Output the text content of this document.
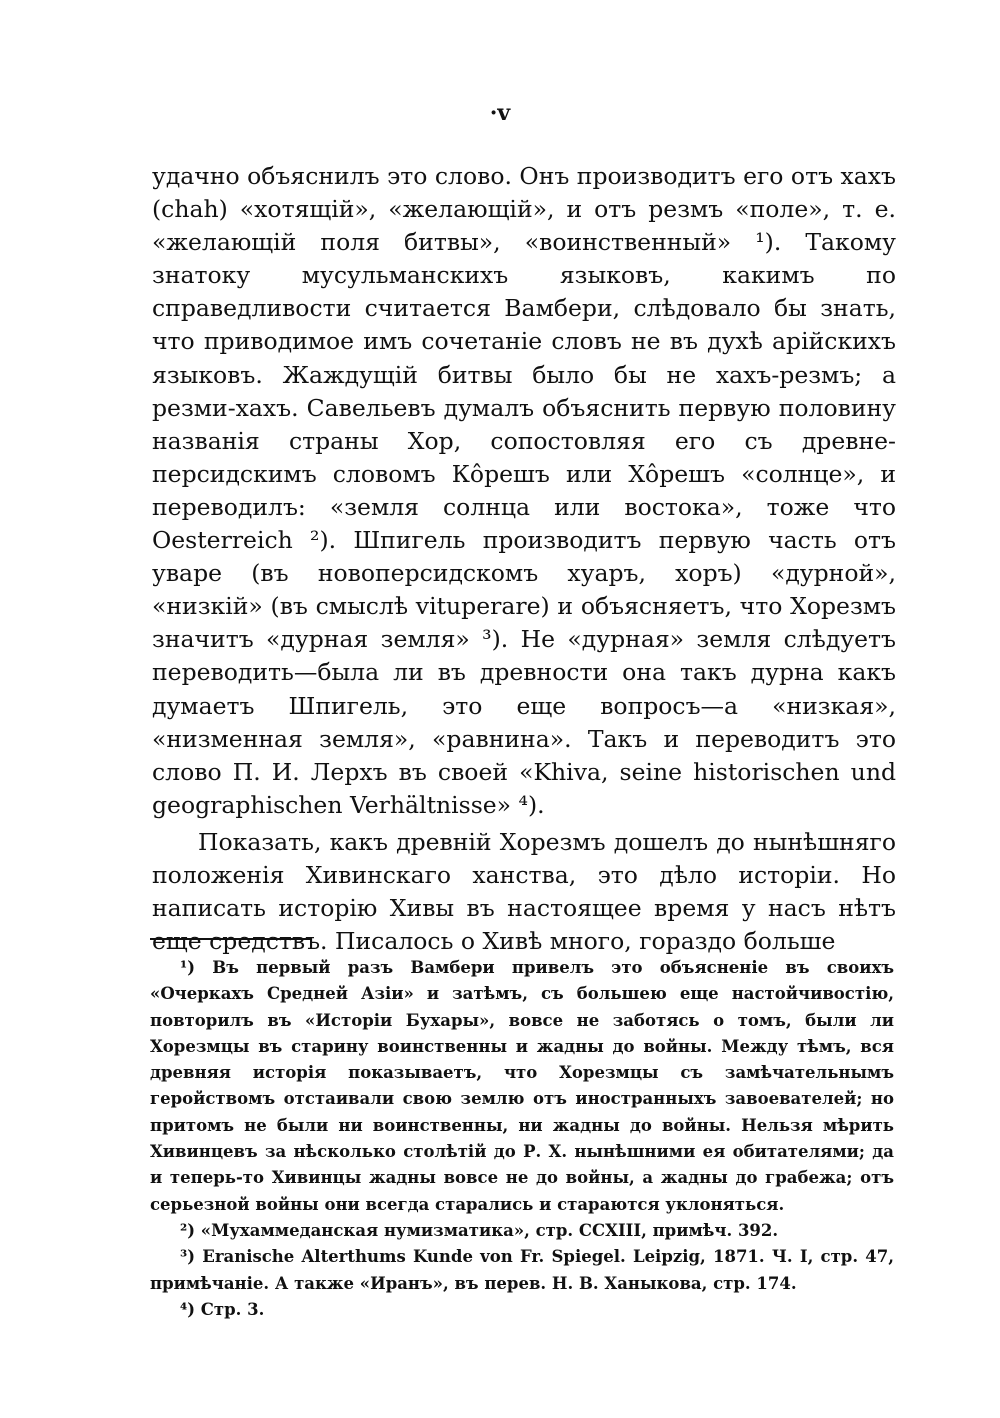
·v

удачно объяснилъ это слово. Онъ производитъ его отъ хахъ (chah) «хотящій», «желающій», и отъ резмъ «поле», т. е. «желающій поля битвы», «воинственный» ¹). Такому знатоку мусульманскихъ языковъ, какимъ по справедливости считается Вамбери, слѣдовало бы знать, что приводимое имъ сочетаніе словъ не въ духѣ арійскихъ языковъ. Жаждущій битвы было бы не хахъ-резмъ; а резми-хахъ. Савельевъ думалъ объяснить первую половину названія страны Хор, сопостовляя его съ древне-персидскимъ словомъ Кôрешъ или Хôрешъ «солнце», и переводилъ: «земля солнца или востока», тоже что Oesterreich ²). Шпигель производитъ первую часть отъ уваре (въ новоперсидскомъ хуаръ, хоръ) «дурной», «низкій» (въ смыслѣ vituperare) и объясняетъ, что Хорезмъ значитъ «дурная земля» ³). Не «дурная» земля слѣдуетъ переводить—была ли въ древности она такъ дурна какъ думаетъ Шпигель, это еще вопросъ—а «низкая», «низменная земля», «равнина». Такъ и переводитъ это слово П. И. Лерхъ въ своей «Khiva, seine historischen und geographischen Verhältnisse» ⁴).

Показать, какъ древній Хорезмъ дошелъ до нынѣшняго положенія Хивинскаго ханства, это дѣло исторіи. Но написать исторію Хивы въ настоящее время у насъ нѣтъ еще средствъ. Писалось о Хивѣ много, гораздо больше

¹) Въ первый разъ Вамбери привелъ это объясненіе въ своихъ «Очеркахъ Средней Азіи» и затѣмъ, съ большею еще настойчивостію, повторилъ въ «Исторіи Бухары», вовсе не заботясь о томъ, были ли Хорезмцы въ старину воинственны и жадны до войны. Между тѣмъ, вся древняя исторія показываетъ, что Хорезмцы съ замѣчательнымъ геройствомъ отстаивали свою землю отъ иностранныхъ завоевателей; но притомъ не были ни воинственны, ни жадны до войны. Нельзя мѣрить Хивинцевъ за нѣсколько столѣтій до Р. Х. нынѣшними ея обитателями; да и теперь-то Хивинцы жадны вовсе не до войны, а жадны до грабежа; отъ серьезной войны они всегда старались и стараются уклоняться.

²) «Мухаммеданская нумизматика», стр. CCXIII, примѣч. 392.

³) Eranische Alterthums Kunde von Fr. Spiegel. Leipzig, 1871. Ч. I, стр. 47, примѣчаніе. А также «Иранъ», въ перев. Н. В. Ханыкова, стр. 174.

⁴) Стр. 3.
